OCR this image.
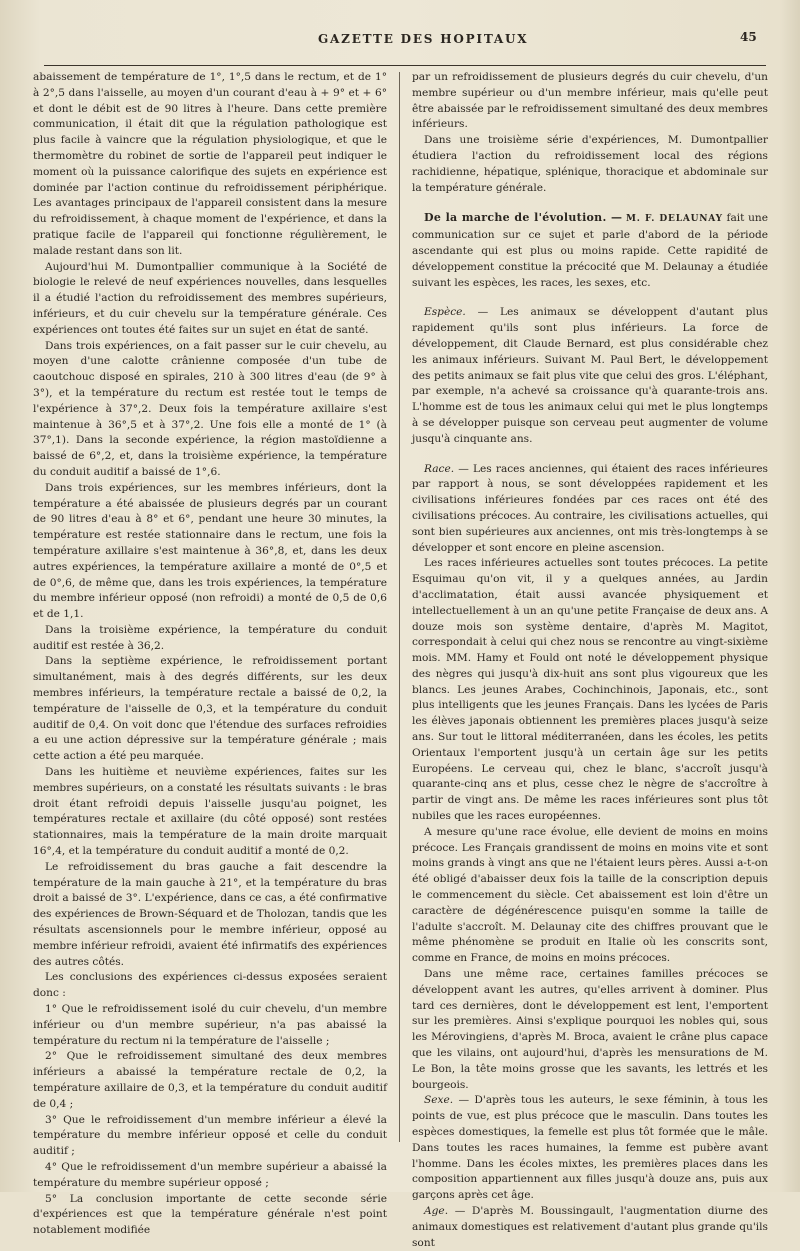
GAZETTE DES HOPITAUX	45

abaissement de température de 1°, 1°,5 dans le rectum, et de 1° à 2°,5 dans l'aisselle, au moyen d'un courant d'eau à + 9° et + 6° et dont le débit est de 90 litres à l'heure. Dans cette première communication, il était dit que la régulation pathologique est plus facile à vaincre que la régulation physiologique, et que le thermomètre du robinet de sortie de l'appareil peut indiquer le moment où la puissance calorifique des sujets en expérience est dominée par l'action continue du refroidissement périphérique. Les avantages principaux de l'appareil consistent dans la mesure du refroidissement, à chaque moment de l'expérience, et dans la pratique facile de l'appareil qui fonctionne régulièrement, le malade restant dans son lit.

Aujourd'hui M. Dumontpallier communique à la Société de biologie le relevé de neuf expériences nouvelles, dans lesquelles il a étudié l'action du refroidissement des membres supérieurs, inférieurs, et du cuir chevelu sur la température générale. Ces expériences ont toutes été faites sur un sujet en état de santé.

Dans trois expériences, on a fait passer sur le cuir chevelu, au moyen d'une calotte crânienne composée d'un tube de caoutchouc disposé en spirales, 210 à 300 litres d'eau (de 9° à 3°), et la température du rectum est restée tout le temps de l'expérience à 37°,2. Deux fois la température axillaire s'est maintenue à 36°,5 et à 37°,2. Une fois elle a monté de 1° (à 37°,1). Dans la seconde expérience, la région mastoïdienne a baissé de 6°,2, et, dans la troisième expérience, la température du conduit auditif a baissé de 1°,6.

Dans trois expériences, sur les membres inférieurs, dont la température a été abaissée de plusieurs degrés par un courant de 90 litres d'eau à 8° et 6°, pendant une heure 30 minutes, la température est restée stationnaire dans le rectum, une fois la température axillaire s'est maintenue à 36°,8, et, dans les deux autres expériences, la température axillaire a monté de 0°,5 et de 0°,6, de même que, dans les trois expériences, la température du membre inférieur opposé (non refroidi) a monté de 0,5 de 0,6 et de 1,1.

Dans la troisième expérience, la température du conduit auditif est restée à 36,2.

Dans la septième expérience, le refroidissement portant simultanément, mais à des degrés différents, sur les deux membres inférieurs, la température rectale a baissé de 0,2, la température de l'aisselle de 0,3, et la température du conduit auditif de 0,4. On voit donc que l'étendue des surfaces refroidies a eu une action dépressive sur la température générale ; mais cette action a été peu marquée.

Dans les huitième et neuvième expériences, faites sur les membres supérieurs, on a constaté les résultats suivants : le bras droit étant refroidi depuis l'aisselle jusqu'au poignet, les températures rectale et axillaire (du côté opposé) sont restées stationnaires, mais la température de la main droite marquait 16°,4, et la température du conduit auditif a monté de 0,2.

Le refroidissement du bras gauche a fait descendre la température de la main gauche à 21°, et la température du bras droit a baissé de 3°. L'expérience, dans ce cas, a été confirmative des expériences de Brown-Séquard et de Tholozan, tandis que les résultats ascensionnels pour le membre inférieur, opposé au membre inférieur refroidi, avaient été infirmatifs des expériences des autres côtés.

Les conclusions des expériences ci-dessus exposées seraient donc :

1° Que le refroidissement isolé du cuir chevelu, d'un membre inférieur ou d'un membre supérieur, n'a pas abaissé la température du rectum ni la température de l'aisselle ;

2° Que le refroidissement simultané des deux membres inférieurs a abaissé la température rectale de 0,2, la température axillaire de 0,3, et la température du conduit auditif de 0,4 ;

3° Que le refroidissement d'un membre inférieur a élevé la température du membre inférieur opposé et celle du conduit auditif ;

4° Que le refroidissement d'un membre supérieur a abaissé la température du membre supérieur opposé ;

5° La conclusion importante de cette seconde série d'expériences est que la température générale n'est point notablement modifiée

par un refroidissement de plusieurs degrés du cuir chevelu, d'un membre supérieur ou d'un membre inférieur, mais qu'elle peut être abaissée par le refroidissement simultané des deux membres inférieurs.

Dans une troisième série d'expériences, M. Dumontpallier étudiera l'action du refroidissement local des régions rachidienne, hépatique, splénique, thoracique et abdominale sur la température générale.

De la marche de l'évolution. — M. F. DELAUNAY fait une communication sur ce sujet et parle d'abord de la période ascendante qui est plus ou moins rapide. Cette rapidité de développement constitue la précocité que M. Delaunay a étudiée suivant les espèces, les races, les sexes, etc.

Espèce. — Les animaux se développent d'autant plus rapidement qu'ils sont plus inférieurs. La force de développement, dit Claude Bernard, est plus considérable chez les animaux inférieurs. Suivant M. Paul Bert, le développement des petits animaux se fait plus vite que celui des gros. L'éléphant, par exemple, n'a achevé sa croissance qu'à quarante-trois ans. L'homme est de tous les animaux celui qui met le plus longtemps à se développer puisque son cerveau peut augmenter de volume jusqu'à cinquante ans.

Race. — Les races anciennes, qui étaient des races inférieures par rapport à nous, se sont développées rapidement et les civilisations inférieures fondées par ces races ont été des civilisations précoces. Au contraire, les civilisations actuelles, qui sont bien supérieures aux anciennes, ont mis très-longtemps à se développer et sont encore en pleine ascension.

Les races inférieures actuelles sont toutes précoces. La petite Esquimau qu'on vit, il y a quelques années, au Jardin d'acclimatation, était aussi avancée physiquement et intellectuellement à un an qu'une petite Française de deux ans. A douze mois son système dentaire, d'après M. Magitot, correspondait à celui qui chez nous se rencontre au vingt-sixième mois. MM. Hamy et Fould ont noté le développement physique des nègres qui jusqu'à dix-huit ans sont plus vigoureux que les blancs. Les jeunes Arabes, Cochinchinois, Japonais, etc., sont plus intelligents que les jeunes Français. Dans les lycées de Paris les élèves japonais obtiennent les premières places jusqu'à seize ans. Sur tout le littoral méditerranéen, dans les écoles, les petits Orientaux l'emportent jusqu'à un certain âge sur les petits Européens. Le cerveau qui, chez le blanc, s'accroît jusqu'à quarante-cinq ans et plus, cesse chez le nègre de s'accroître à partir de vingt ans. De même les races inférieures sont plus tôt nubiles que les races européennes.

A mesure qu'une race évolue, elle devient de moins en moins précoce. Les Français grandissent de moins en moins vite et sont moins grands à vingt ans que ne l'étaient leurs pères. Aussi a-t-on été obligé d'abaisser deux fois la taille de la conscription depuis le commencement du siècle. Cet abaissement est loin d'être un caractère de dégénérescence puisqu'en somme la taille de l'adulte s'accroît. M. Delaunay cite des chiffres prouvant que le même phénomène se produit en Italie où les conscrits sont, comme en France, de moins en moins précoces.

Dans une même race, certaines familles précoces se développent avant les autres, qu'elles arrivent à dominer. Plus tard ces dernières, dont le développement est lent, l'emportent sur les premières. Ainsi s'explique pourquoi les nobles qui, sous les Mérovingiens, d'après M. Broca, avaient le crâne plus capace que les vilains, ont aujourd'hui, d'après les mensurations de M. Le Bon, la tête moins grosse que les savants, les lettrés et les bourgeois.

Sexe. — D'après tous les auteurs, le sexe féminin, à tous les points de vue, est plus précoce que le masculin. Dans toutes les espèces domestiques, la femelle est plus tôt formée que le mâle. Dans toutes les races humaines, la femme est pubère avant l'homme. Dans les écoles mixtes, les premières places dans les composition appartiennent aux filles jusqu'à douze ans, puis aux garçons après cet âge.

Age. — D'après M. Boussingault, l'augmentation diurne des animaux domestiques est relativement d'autant plus grande qu'ils sont
